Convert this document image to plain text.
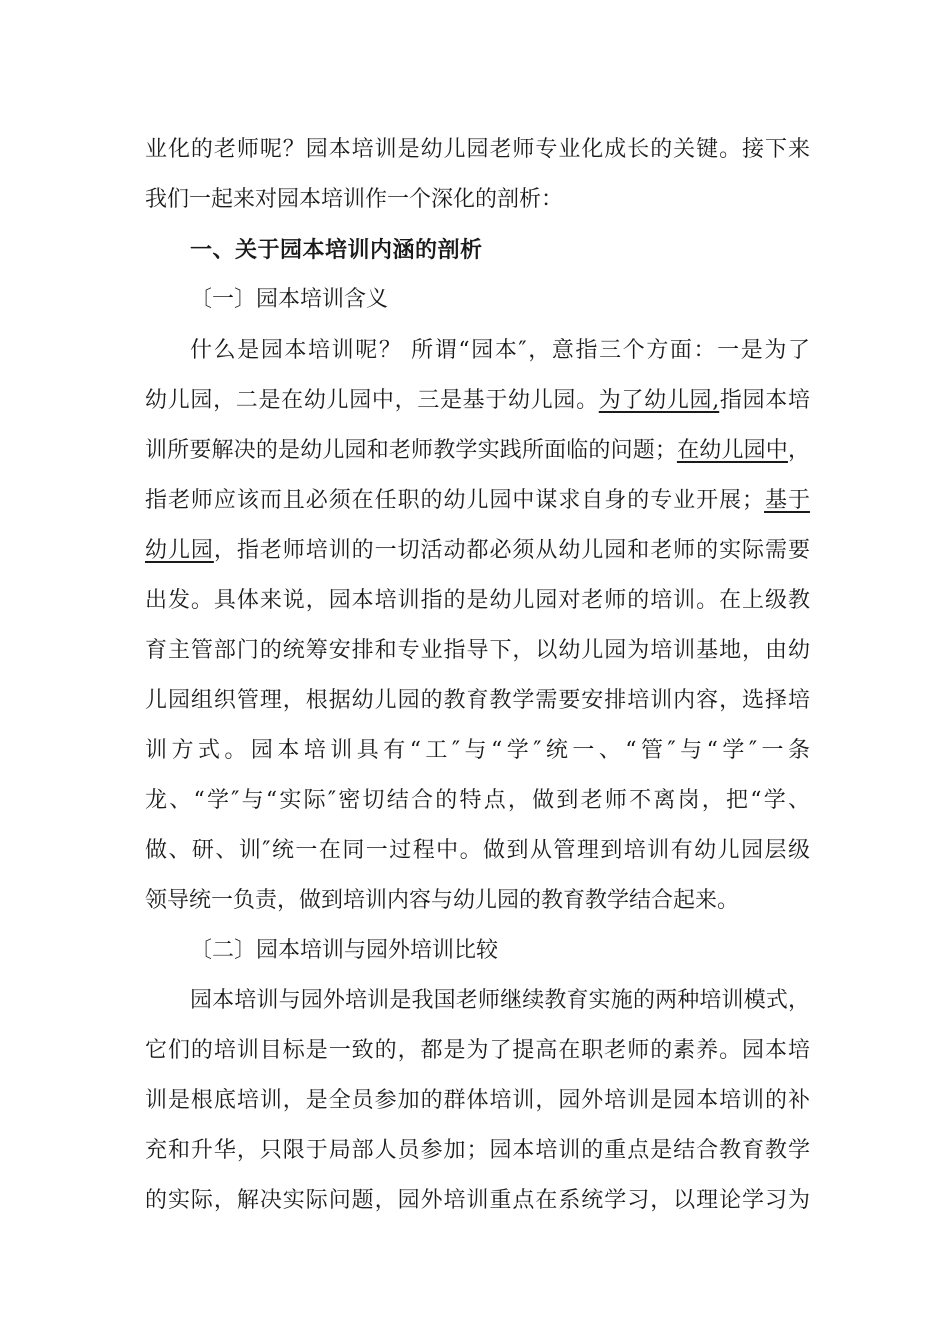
业化的老师呢？园本培训是幼儿园老师专业化成长的关键。接下来
我们一起来对园本培训作一个深化的剖析：
一、关于园本培训内涵的剖析
〔一〕园本培训含义
什么是园本培训呢？ 所谓“园本″，意指三个方面：一是为了
幼儿园，二是在幼儿园中，三是基于幼儿园。为了幼儿园,指园本培
训所要解决的是幼儿园和老师教学实践所面临的问题；在幼儿园中，
指老师应该而且必须在任职的幼儿园中谋求自身的专业开展；基于
幼儿园，指老师培训的一切活动都必须从幼儿园和老师的实际需要
出发。具体来说，园本培训指的是幼儿园对老师的培训。在上级教
育主管部门的统筹安排和专业指导下，以幼儿园为培训基地，由幼
儿园组织管理，根据幼儿园的教育教学需要安排培训内容，选择培
训方式。园本培训具有“工″与“学″统一、“管″与“学″一条
龙、“学″与“实际″密切结合的特点，做到老师不离岗，把“学、
做、研、训″统一在同一过程中。做到从管理到培训有幼儿园层级
领导统一负责，做到培训内容与幼儿园的教育教学结合起来。
〔二〕园本培训与园外培训比较
园本培训与园外培训是我国老师继续教育实施的两种培训模式，
它们的培训目标是一致的，都是为了提高在职老师的素养。园本培
训是根底培训，是全员参加的群体培训，园外培训是园本培训的补
充和升华，只限于局部人员参加；园本培训的重点是结合教育教学
的实际，解决实际问题，园外培训重点在系统学习，以理论学习为
